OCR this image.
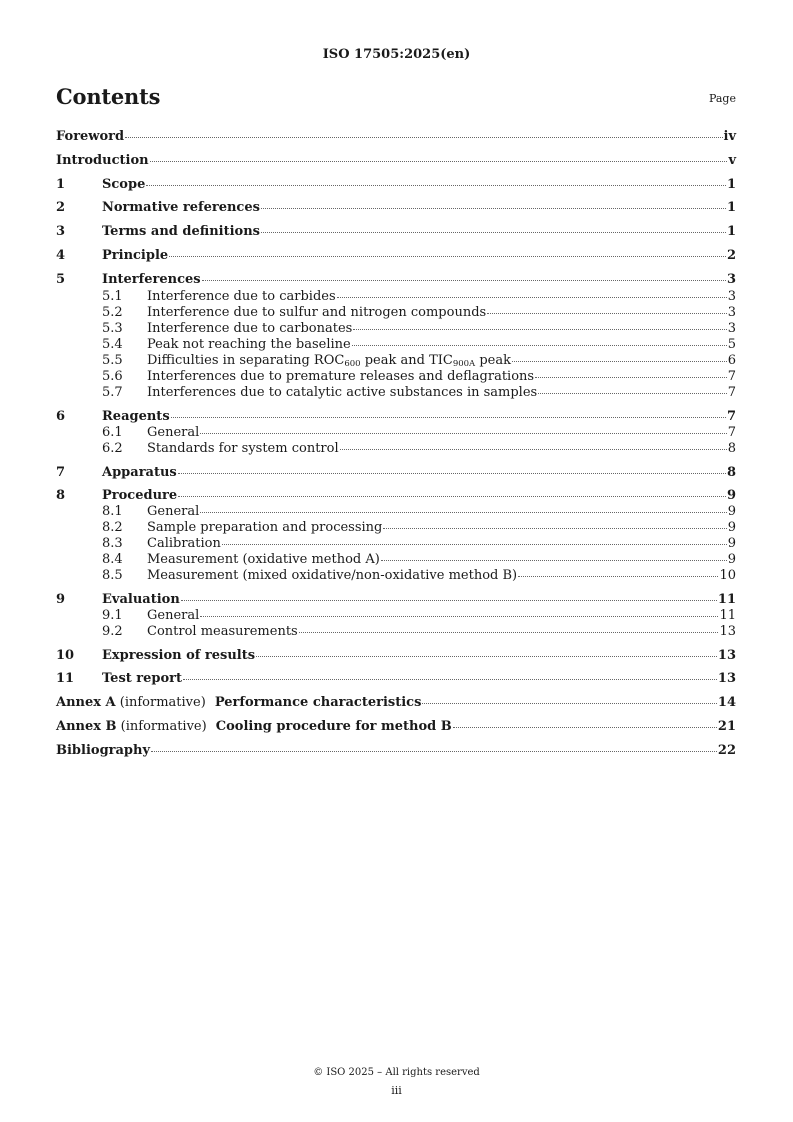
ISO 17505:2025(en)
Contents	Page
Foreword	iv
Introduction	v
1	Scope	1
2	Normative references	1
3	Terms and definitions	1
4	Principle	2
5	Interferences	3
5.1	Interference due to carbides	3
5.2	Interference due to sulfur and nitrogen compounds	3
5.3	Interference due to carbonates	3
5.4	Peak not reaching the baseline	5
5.5	Difficulties in separating $ROC_{600}$ peak and $TIC_{900A}$ peak	6
5.6	Interferences due to premature releases and deflagrations	7
5.7	Interferences due to catalytic active substances in samples	7
6	Reagents	7
6.1	General	7
6.2	Standards for system control	8
7	Apparatus	8
8	Procedure	9
8.1	General	9
8.2	Sample preparation and processing	9
8.3	Calibration	9
8.4	Measurement (oxidative method A)	9
8.5	Measurement (mixed oxidative/non-oxidative method B)	10
9	Evaluation	11
9.1	General	11
9.2	Control measurements	13
10	Expression of results	13
11	Test report	13
Annex A (informative) Performance characteristics	14
Annex B (informative) Cooling procedure for method B	21
Bibliography	22
© ISO 2025 – All rights reserved
iii
